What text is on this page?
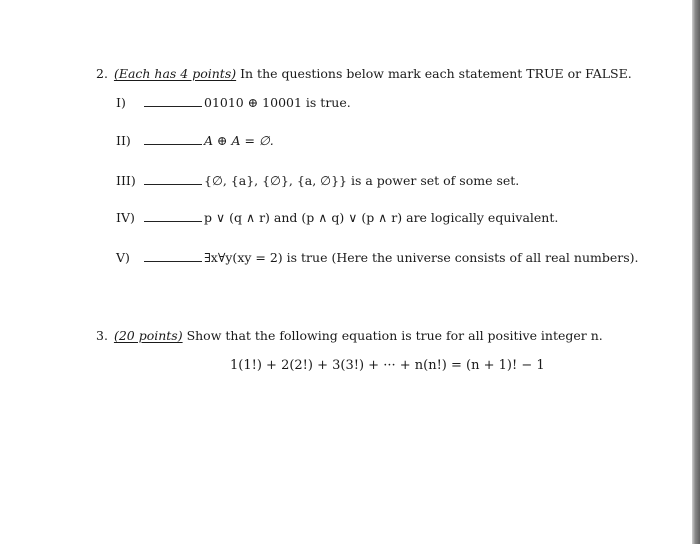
2. (Each has 4 points) In the questions below mark each statement TRUE or FALSE.
I)	01010 ⊕ 10001 is true.
II)	A ⊕ A = ∅.
III)	{∅, {a}, {∅}, {a, ∅}} is a power set of some set.
IV)	p ∨ (q ∧ r) and (p ∧ q) ∨ (p ∧ r) are logically equivalent.
V)	∃x∀y(xy = 2) is true (Here the universe consists of all real numbers).
3. (20 points) Show that the following equation is true for all positive integer n.
1(1!) + 2(2!) + 3(3!) + ··· + n(n!) = (n + 1)! − 1
